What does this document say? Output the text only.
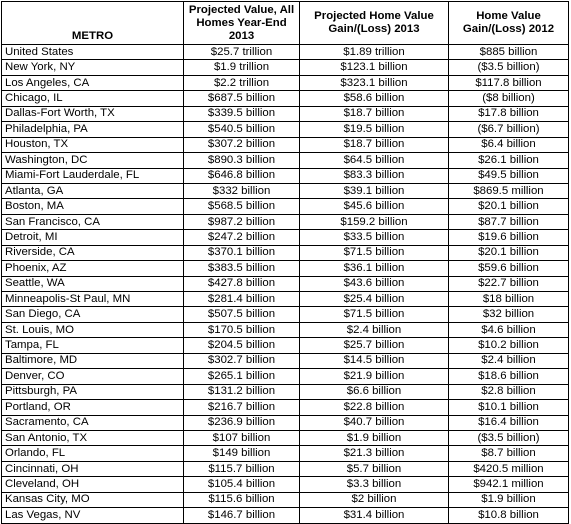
METRO	Projected Value, All Homes Year-End 2013	Projected Home Value Gain/(Loss) 2013	Home Value Gain/(Loss) 2012
United States	$25.7 trillion	$1.89 trillion	$885 billion
New York, NY	$1.9 trillion	$123.1 billion	($3.5 billion)
Los Angeles, CA	$2.2 trillion	$323.1 billion	$117.8 billion
Chicago, IL	$687.5 billion	$58.6 billion	($8 billion)
Dallas-Fort Worth, TX	$339.5 billion	$18.7 billion	$17.8 billion
Philadelphia, PA	$540.5 billion	$19.5 billion	($6.7 billion)
Houston, TX	$307.2 billion	$18.7 billion	$6.4 billion
Washington, DC	$890.3 billion	$64.5 billion	$26.1 billion
Miami-Fort Lauderdale, FL	$646.8 billion	$83.3 billion	$49.5 billion
Atlanta, GA	$332 billion	$39.1 billion	$869.5 million
Boston, MA	$568.5 billion	$45.6 billion	$20.1 billion
San Francisco, CA	$987.2 billion	$159.2 billion	$87.7 billion
Detroit, MI	$247.2 billion	$33.5 billion	$19.6 billion
Riverside, CA	$370.1 billion	$71.5 billion	$20.1 billion
Phoenix, AZ	$383.5 billion	$36.1 billion	$59.6 billion
Seattle, WA	$427.8 billion	$43.6 billion	$22.7 billion
Minneapolis-St Paul, MN	$281.4 billion	$25.4 billion	$18 billion
San Diego, CA	$507.5 billion	$71.5 billion	$32 billion
St. Louis, MO	$170.5 billion	$2.4 billion	$4.6 billion
Tampa, FL	$204.5 billion	$25.7 billion	$10.2 billion
Baltimore, MD	$302.7 billion	$14.5 billion	$2.4 billion
Denver, CO	$265.1 billion	$21.9 billion	$18.6 billion
Pittsburgh, PA	$131.2 billion	$6.6 billion	$2.8 billion
Portland, OR	$216.7 billion	$22.8 billion	$10.1 billion
Sacramento, CA	$236.9 billion	$40.7 billion	$16.4 billion
San Antonio, TX	$107 billion	$1.9 billion	($3.5 billion)
Orlando, FL	$149 billion	$21.3 billion	$8.7 billion
Cincinnati, OH	$115.7 billion	$5.7 billion	$420.5 million
Cleveland, OH	$105.4 billion	$3.3 billion	$942.1 million
Kansas City, MO	$115.6 billion	$2 billion	$1.9 billion
Las Vegas, NV	$146.7 billion	$31.4 billion	$10.8 billion
